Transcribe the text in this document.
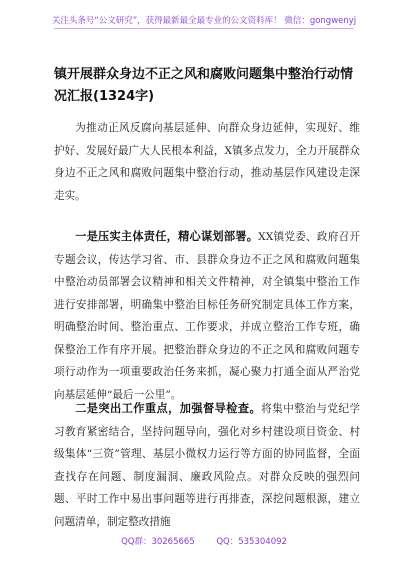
关注头条号“公文研究”，获得最新最全最专业的公文资料库！ 微信：gongwenyj
镇开展群众身边不正之风和腐败问题集中整治行动情况汇报(1324字)
为推动正风反腐向基层延伸、向群众身边延伸，实现好、维护好、发展好最广大人民根本利益，X镇多点发力，全力开展群众身边不正之风和腐败问题集中整治行动，推动基层作风建设走深走实。
一是压实主体责任，精心谋划部署。XX镇党委、政府召开专题会议，传达学习省、市、县群众身边不正之风和腐败问题集中整治动员部署会议精神和相关文件精神，对全镇集中整治工作进行安排部署，明确集中整治目标任务研究制定具体工作方案，明确整治时间、整治重点、工作要求，并成立整治工作专班，确保整治工作有序开展。把整治群众身边的不正之风和腐败问题专项行动作为一项重要政治任务来抓，凝心聚力打通全面从严治党向基层延伸“最后一公里”。
二是突出工作重点，加强督导检查。将集中整治与党纪学习教育紧密结合，坚持问题导向，强化对乡村建设项目资金、村级集体“三资”管理、基层小微权力运行等方面的协同监督，全面查找存在问题、制度漏洞、廉政风险点。对群众反映的强烈问题、平时工作中易出事问题等进行再排查，深挖问题根源，建立问题清单，制定整改措施
QQ群：30265665	QQ：535304092
